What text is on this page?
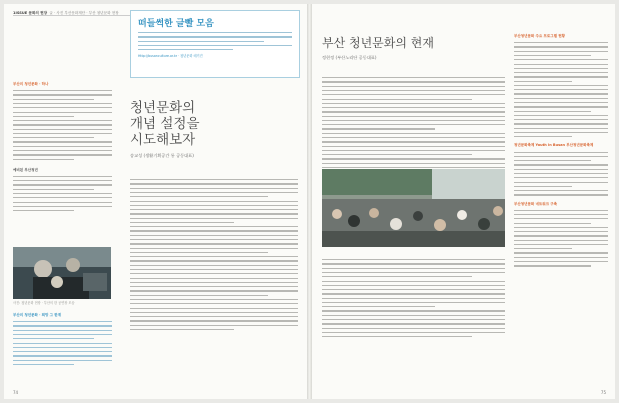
1ISSUE 문화의 현장 글 · 사진 부산문화재단 · 부산 청년문화 현장
부산의 청년문화 · 하나
예비된 부산청년
사진: 청년문화 현장 · 부산의 한 공연장 모습
부산의 청년문화 · 희망 그 한계
떠들썩한 글빨 모음
Http://busanculture.or.kr · 청년문화 매거진
청년문화의
개념 설정을
시도해보자
송교성 (생활기획공간 통 공동대표)
74
부산 청년문화의 현재
정현정 (부산노리단 공동대표)
부산청년문화 주요 프로그램 현황
청년문화축제 Youth in Busan 부산청년문화축제
부산청년문화 네트워크 구축
75
